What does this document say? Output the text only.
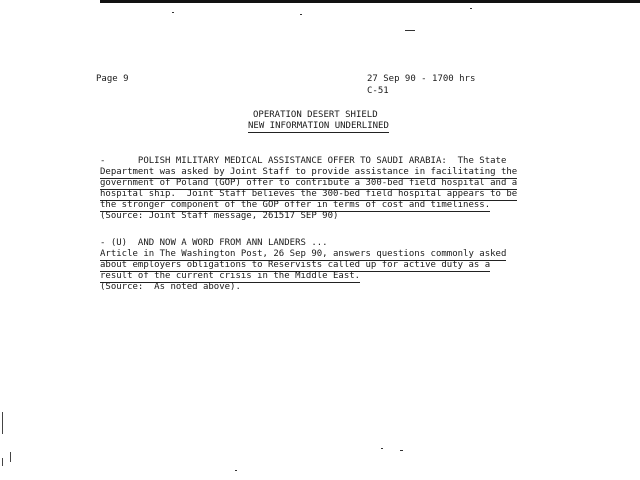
Page 9	27 Sep 90 - 1700 hrs
C-51
OPERATION DESERT SHIELD
NEW INFORMATION UNDERLINED
-      POLISH MILITARY MEDICAL ASSISTANCE OFFER TO SAUDI ARABIA:  The State
Department was asked by Joint Staff to provide assistance in facilitating the
government of Poland (GOP) offer to contribute a 300-bed field hospital and a
hospital ship.  Joint Staff believes the 300-bed field hospital appears to be
the stronger component of the GOP offer in terms of cost and timeliness.
(Source: Joint Staff message, 261517 SEP 90)
- (U)  AND NOW A WORD FROM ANN LANDERS ...
Article in The Washington Post, 26 Sep 90, answers questions commonly asked
about employers obligations to Reservists called up for active duty as a
result of the current crisis in the Middle East.
(Source:  As noted above).
